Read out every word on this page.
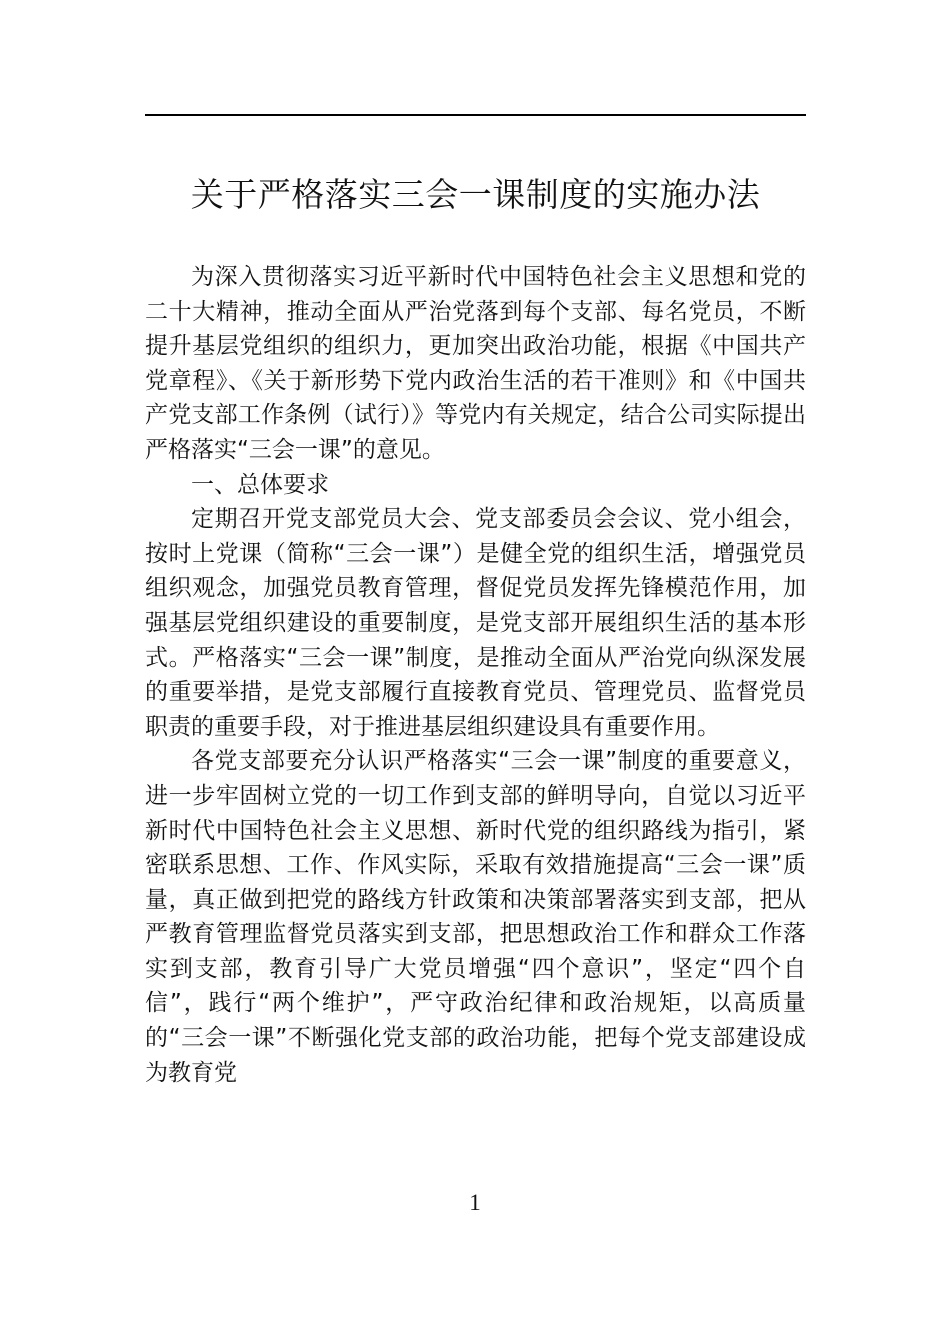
关于严格落实三会一课制度的实施办法

为深入贯彻落实习近平新时代中国特色社会主义思想和党的二十大精神，推动全面从严治党落到每个支部、每名党员，不断提升基层党组织的组织力，更加突出政治功能，根据《中国共产党章程》、《关于新形势下党内政治生活的若干准则》和《中国共产党支部工作条例（试行）》等党内有关规定，结合公司实际提出严格落实“三会一课”的意见。

一、总体要求

定期召开党支部党员大会、党支部委员会会议、党小组会，按时上党课（简称“三会一课”）是健全党的组织生活，增强党员组织观念，加强党员教育管理，督促党员发挥先锋模范作用，加强基层党组织建设的重要制度，是党支部开展组织生活的基本形式。严格落实“三会一课”制度，是推动全面从严治党向纵深发展的重要举措，是党支部履行直接教育党员、管理党员、监督党员职责的重要手段，对于推进基层组织建设具有重要作用。

各党支部要充分认识严格落实“三会一课”制度的重要意义，进一步牢固树立党的一切工作到支部的鲜明导向，自觉以习近平新时代中国特色社会主义思想、新时代党的组织路线为指引，紧密联系思想、工作、作风实际，采取有效措施提高“三会一课”质量，真正做到把党的路线方针政策和决策部署落实到支部，把从严教育管理监督党员落实到支部，把思想政治工作和群众工作落实到支部，教育引导广大党员增强“四个意识”，坚定“四个自信”，践行“两个维护”，严守政治纪律和政治规矩，以高质量的“三会一课”不断强化党支部的政治功能，把每个党支部建设成为教育党

1
